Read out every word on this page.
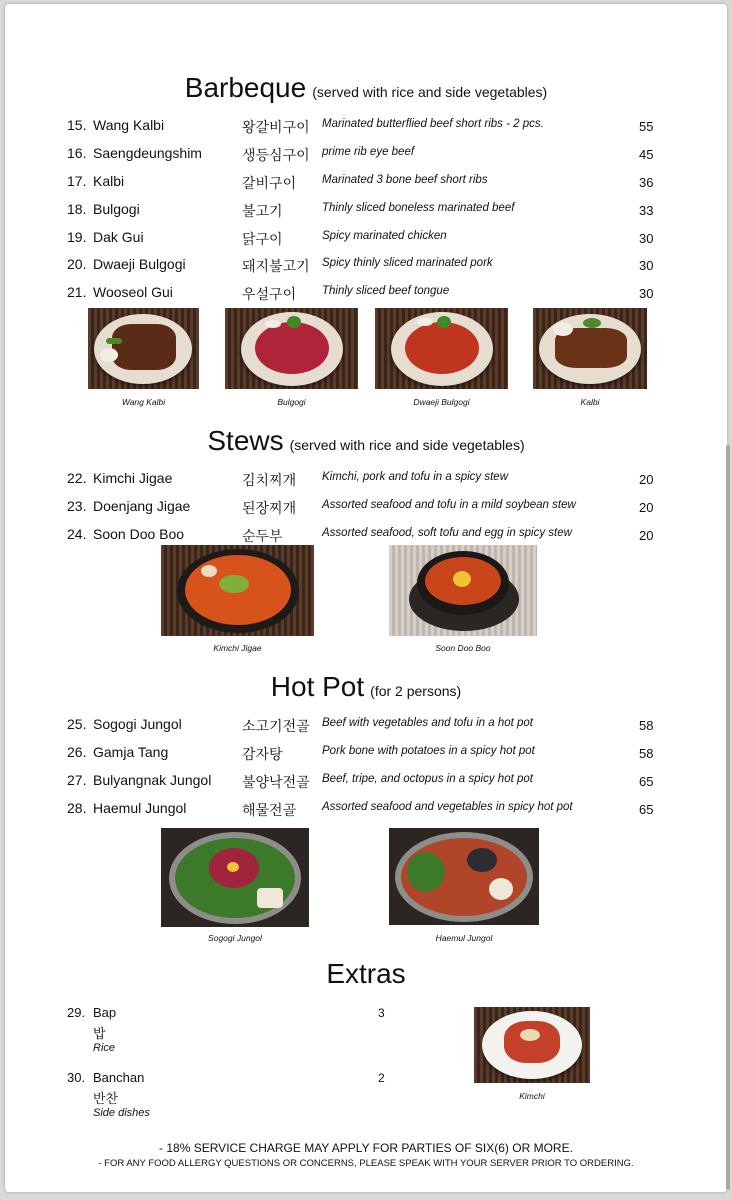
Barbeque (served with rice and side vegetables)
15. Wang Kalbi	왕갈비구이 Marinated butterflied beef short ribs - 2 pcs.	55
16. Saengdeungshim	생등심구이 prime rib eye beef	45
17. Kalbi	갈비구이 Marinated 3 bone beef short ribs	36
18. Bulgogi	불고기	Thinly sliced boneless marinated beef	33
19. Dak Gui	닭구이	Spicy marinated chicken	30
20. Dwaeji Bulgogi	돼지불고기 Spicy thinly sliced marinated pork	30
21. Wooseol Gui	우설구이 Thinly sliced beef tongue	30
Wang Kalbi	Bulgogi	Dwaeji Bulgogi	Kalbi
Stews (served with rice and side vegetables)
22. Kimchi Jigae	김치찌개 Kimchi, pork and tofu in a spicy stew	20
23. Doenjang Jigae	된장찌개 Assorted seafood and tofu in a mild soybean stew	20
24. Soon Doo Boo	순두부	Assorted seafood, soft tofu and egg in spicy stew	20
Kimchi Jigae	Soon Doo Boo
Hot Pot (for 2 persons)
25. Sogogi Jungol	소고기전골 Beef with vegetables and tofu in a hot pot	58
26. Gamja Tang	감자탕	Pork bone with potatoes in a spicy hot pot	58
27. Bulyangnak Jungol 불양낙전골 Beef, tripe, and octopus in a spicy hot pot	65
28. Haemul Jungol	해물전골 Assorted seafood and vegetables in spicy hot pot	65
Sogogi Jungol	Haemul Jungol
Extras
29. Bap
밥
Rice
3
30. Banchan
반찬
Side dishes
2
Kimchi
- 18% SERVICE CHARGE MAY APPLY FOR PARTIES OF SIX(6) OR MORE.
- FOR ANY FOOD ALLERGY QUESTIONS OR CONCERNS, PLEASE SPEAK WITH YOUR SERVER PRIOR TO ORDERING.
